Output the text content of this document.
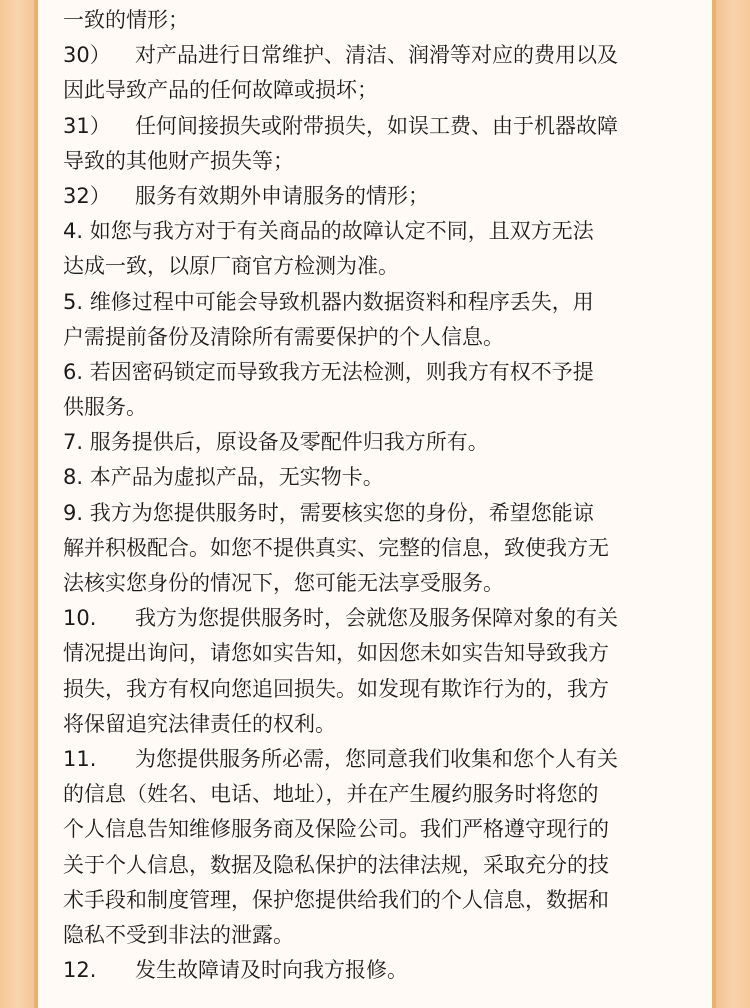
一致的情形；
30） 对产品进行日常维护、清洁、润滑等对应的费用以及
因此导致产品的任何故障或损坏；
31） 任何间接损失或附带损失，如误工费、由于机器故障
导致的其他财产损失等；
32） 服务有效期外申请服务的情形；
4. 如您与我方对于有关商品的故障认定不同，且双方无法
达成一致，以原厂商官方检测为准。
5. 维修过程中可能会导致机器内数据资料和程序丢失，用
户需提前备份及清除所有需要保护的个人信息。
6. 若因密码锁定而导致我方无法检测，则我方有权不予提
供服务。
7. 服务提供后，原设备及零配件归我方所有。
8. 本产品为虚拟产品，无实物卡。
9. 我方为您提供服务时，需要核实您的身份，希望您能谅
解并积极配合。如您不提供真实、完整的信息，致使我方无
法核实您身份的情况下，您可能无法享受服务。
10. 我方为您提供服务时，会就您及服务保障对象的有关
情况提出询问，请您如实告知，如因您未如实告知导致我方
损失，我方有权向您追回损失。如发现有欺诈行为的，我方
将保留追究法律责任的权利。
11. 为您提供服务所必需，您同意我们收集和您个人有关
的信息（姓名、电话、地址），并在产生履约服务时将您的
个人信息告知维修服务商及保险公司。我们严格遵守现行的
关于个人信息，数据及隐私保护的法律法规，采取充分的技
术手段和制度管理，保护您提供给我们的个人信息，数据和
隐私不受到非法的泄露。
12. 发生故障请及时向我方报修。
